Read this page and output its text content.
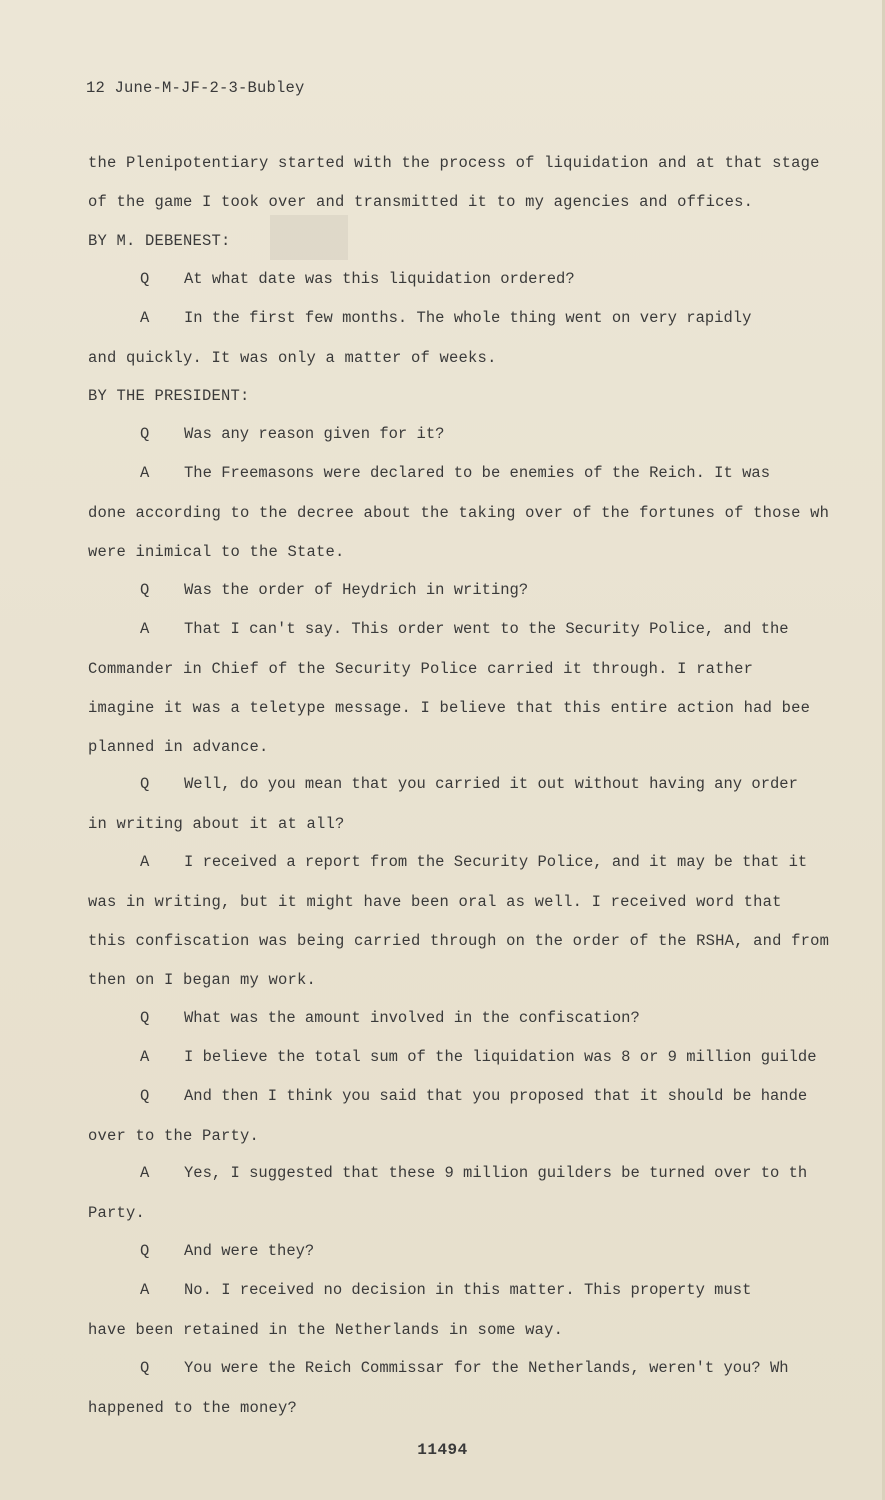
12 June-M-JF-2-3-Bubley
the Plenipotentiary started with the process of liquidation and at that stage
of the game I took over and transmitted it to my agencies and offices.
BY M. DEBENEST:
Q	At what date was this liquidation ordered?
A	In the first few months. The whole thing went on very rapidly
and quickly. It was only a matter of weeks.
BY THE PRESIDENT:
Q	Was any reason given for it?
A	The Freemasons were declared to be enemies of the Reich. It was
done according to the decree about the taking over of the fortunes of those wh
were inimical to the State.
Q	Was the order of Heydrich in writing?
A	That I can't say. This order went to the Security Police, and the
Commander in Chief of the Security Police carried it through. I rather
imagine it was a teletype message. I believe that this entire action had bee
planned in advance.
Q	Well, do you mean that you carried it out without having any order
in writing about it at all?
A	I received a report from the Security Police, and it may be that it
was in writing, but it might have been oral as well. I received word that
this confiscation was being carried through on the order of the RSHA, and from
then on I began my work.
Q	What was the amount involved in the confiscation?
A	I believe the total sum of the liquidation was 8 or 9 million guilde
Q	And then I think you said that you proposed that it should be hande
over to the Party.
A	Yes, I suggested that these 9 million guilders be turned over to th
Party.
Q	And were they?
A	No. I received no decision in this matter. This property must
have been retained in the Netherlands in some way.
Q	You were the Reich Commissar for the Netherlands, weren't you? Wh
happened to the money?
11494
